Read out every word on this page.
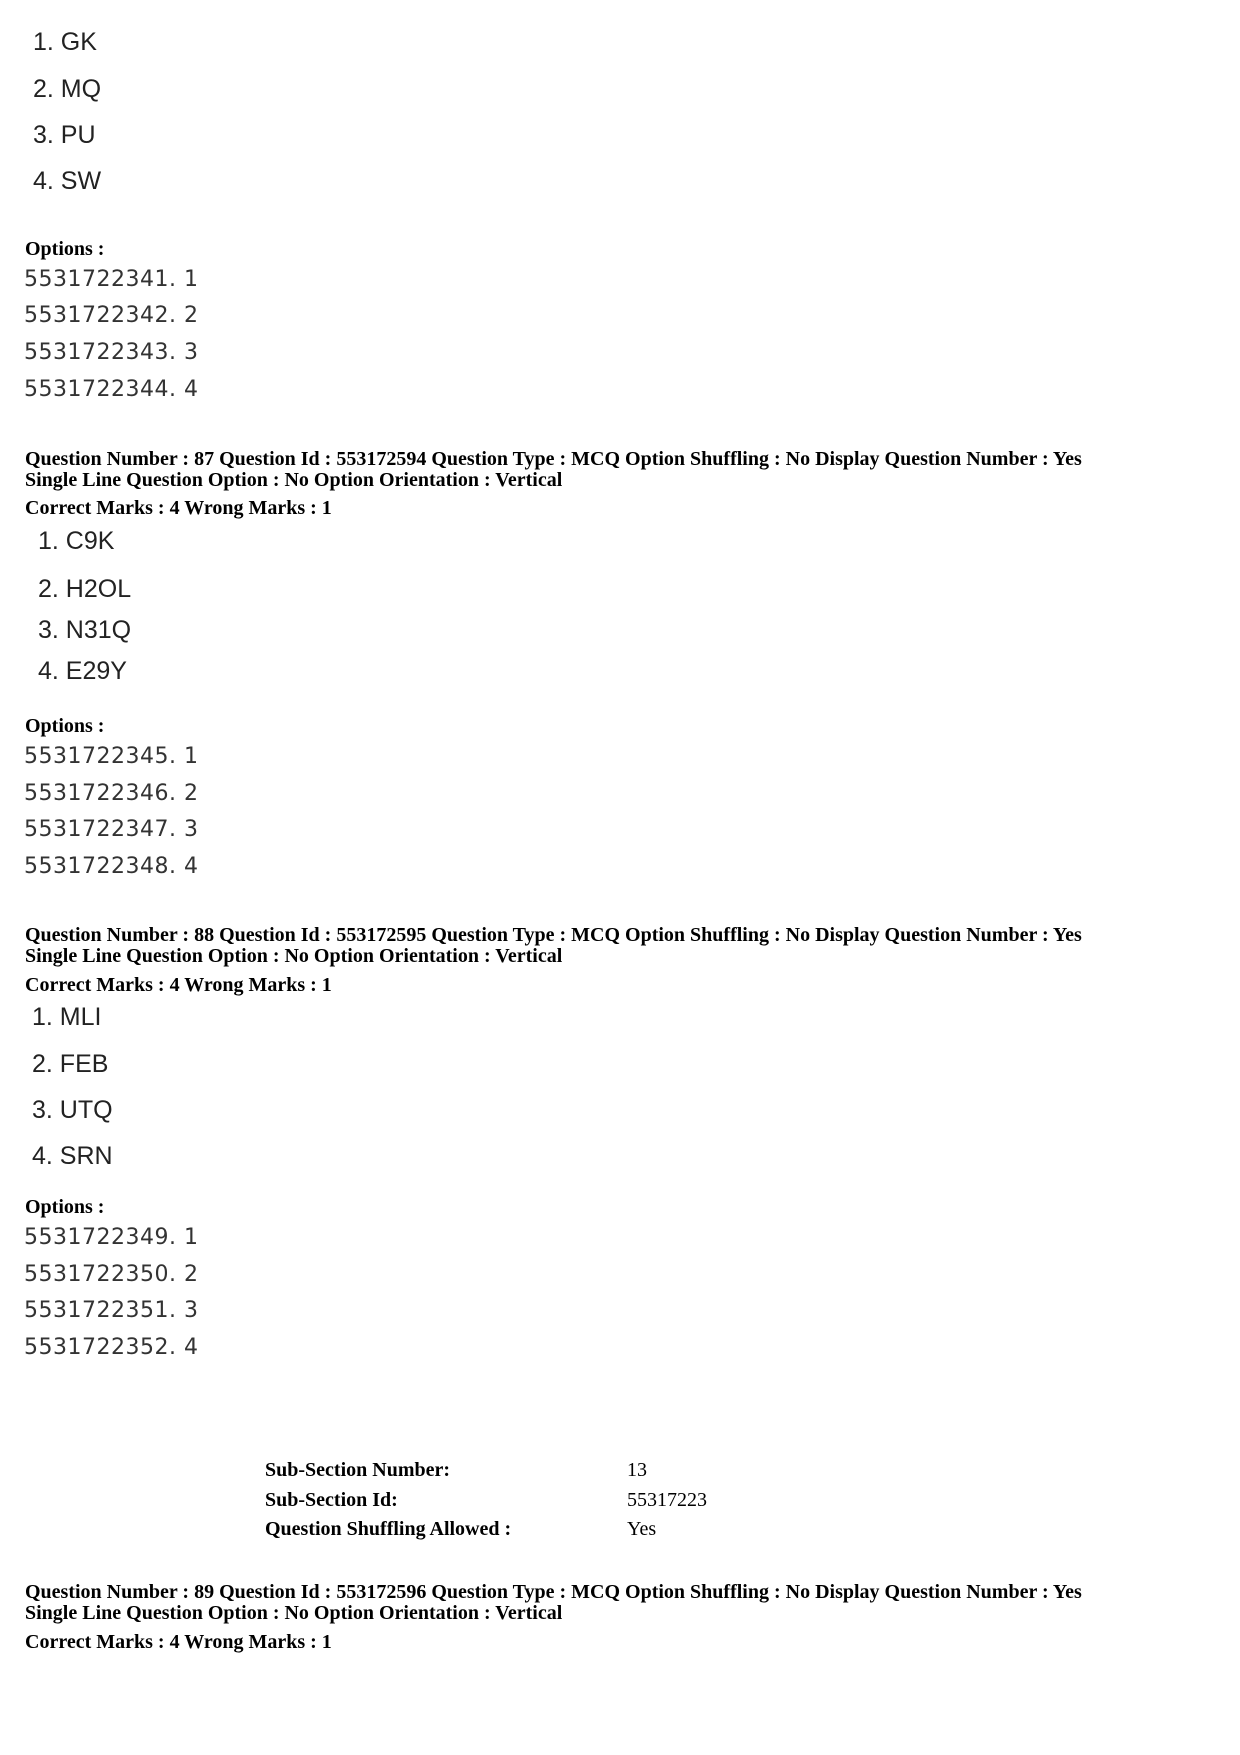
1. GK
2. MQ
3. PU
4. SW
Options :
5531722341. 1
5531722342. 2
5531722343. 3
5531722344. 4
Question Number : 87 Question Id : 553172594 Question Type : MCQ Option Shuffling : No Display Question Number : Yes
Single Line Question Option : No Option Orientation : Vertical
Correct Marks : 4 Wrong Marks : 1
1. C9K
2. H2OL
3. N31Q
4. E29Y
Options :
5531722345. 1
5531722346. 2
5531722347. 3
5531722348. 4
Question Number : 88 Question Id : 553172595 Question Type : MCQ Option Shuffling : No Display Question Number : Yes
Single Line Question Option : No Option Orientation : Vertical
Correct Marks : 4 Wrong Marks : 1
1. MLI
2. FEB
3. UTQ
4. SRN
Options :
5531722349. 1
5531722350. 2
5531722351. 3
5531722352. 4
Sub-Section Number:	13
Sub-Section Id:	55317223
Question Shuffling Allowed :	Yes
Question Number : 89 Question Id : 553172596 Question Type : MCQ Option Shuffling : No Display Question Number : Yes
Single Line Question Option : No Option Orientation : Vertical
Correct Marks : 4 Wrong Marks : 1
